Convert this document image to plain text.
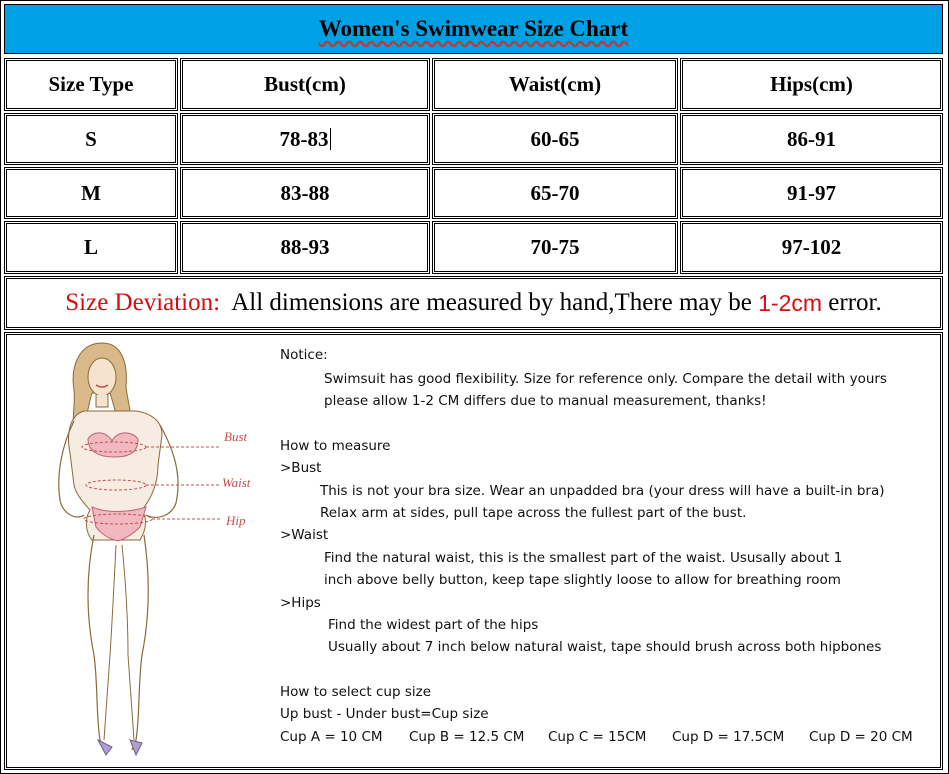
Women's Swimwear Size Chart
Size Type	Bust(cm)	Waist(cm)	Hips(cm)
S	78-83	60-65	86-91
M	83-88	65-70	91-97
L	88-93	70-75	97-102
Size Deviation: All dimensions are measured by hand,There may be 1-2cm error.
Bust
Waist
Hip
Notice:
Swimsuit has good flexibility. Size for reference only. Compare the detail with yours
please allow 1-2 CM differs due to manual measurement, thanks!
How to measure
>Bust
This is not your bra size. Wear an unpadded bra (your dress will have a built-in bra)
Relax arm at sides, pull tape across the fullest part of the bust.
>Waist
Find the natural waist, this is the smallest part of the waist. Ususally about 1
inch above belly button, keep tape slightly loose to allow for breathing room
>Hips
Find the widest part of the hips
Usually about 7 inch below natural waist, tape should brush across both hipbones
How to select cup size
Up bust - Under bust=Cup size
Cup A = 10 CM Cup B = 12.5 CM Cup C = 15CM Cup D = 17.5CM Cup D = 20 CM
